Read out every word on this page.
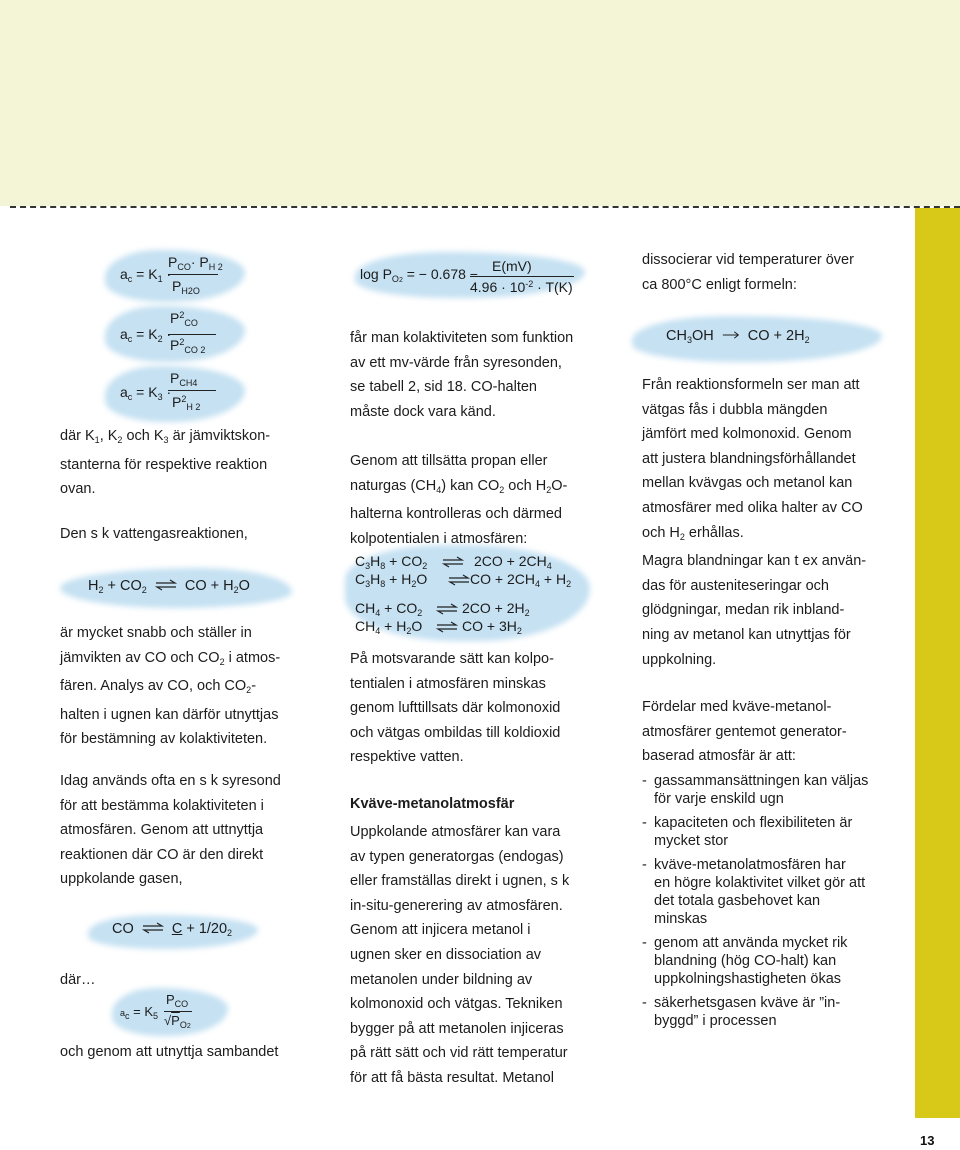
$a_c = K_1$ ·
$P_{CO}\cdot P_{H 2}$
$P_{H2O}$
$a_c = K_2$ ·
$P^2_{CO}$
$P^2_{CO 2}$
$a_c = K_3$ ·
$P_{CH4}$
$P^2_{H 2}$

där $K_1$, $K_2$ och $K_3$ är jämviktskon-

stanterna för respektive reaktion

ovan.

Den s k vattengasreaktionen,
$H_2 + CO_2$ ⇌ CO + $H_2O$

är mycket snabb och ställer in

jämvikten av CO och $CO_2$ i atmos-

fären. Analys av CO, och $CO_2-$

halten i ugnen kan därför utnyttjas

för bestämning av kolaktiviteten.

Idag används ofta en s k syresond

för att bestämma kolaktiviteten i

atmosfären. Genom att uttnyttja

reaktionen där CO är den direkt

uppkolande gasen,

CO ⇌ $C + 1/20_2$
där…
$a_c = K_5$
$P_{CO}$
$√P_{O2}$
och genom att utnyttja sambandet
$\log P_{O2}$ = − 0.678 − E(mV)
$4.96 \cdot 10^{-2} \cdot T(K)$

får man kolaktiviteten som funktion

av ett mv-värde från syresonden,

se tabell 2, sid 18. CO-halten

måste dock vara känd.

Genom att tillsätta propan eller

naturgas $(CH_4)$ kan $CO_2$ och $H_2O-$

halterna kontrolleras och därmed

kolpotentialen i atmosfären:

$C_3H_8 + CO_2$ ⇌ $2CO + 2CH_4$
$C_3H_8 + H_2O$ ⇌ CO + $2CH_4 + H_2$
$CH_4 + CO_2$ ⇌ $2CO + 2H_2$
$CH_4 + H_2O$ ⇌ CO + $3H_2$

På motsvarande sätt kan kolpo-

tentialen i atmosfären minskas

genom lufttillsats där kolmonoxid

och vätgas ombildas till koldioxid

respektive vatten.

Kväve-metanolatmosfär

Uppkolande atmosfärer kan vara

av typen generatorgas (endogas)

eller framställas direkt i ugnen, s k

in-situ-generering av atmosfären.

Genom att injicera metanol i

ugnen sker en dissociation av

metanolen under bildning av

kolmonoxid och vätgas. Tekniken

bygger på att metanolen injiceras

på rätt sätt och vid rätt temperatur

för att få bästa resultat. Metanol

dissocierar vid temperaturer över

ca 800°C enligt formeln:

$CH_3OH$ → CO + $2H_2$

Från reaktionsformeln ser man att

vätgas fås i dubbla mängden

jämfört med kolmonoxid. Genom

att justera blandningsförhållandet

mellan kvävgas och metanol kan

atmosfärer med olika halter av CO

och $H_2$ erhållas.

Magra blandningar kan t ex använ-

das för austeniteseringar och

glödgningar, medan rik inbland-

ning av metanol kan utnyttjas för

uppkolning.

Fördelar med kväve-metanol-

atmosfärer gentemot generator-

baserad atmosfär är att:

- gassammansättningen kan väljas
för varje enskild ugn
- kapaciteten och flexibiliteten är
mycket stor
- kväve-metanolatmosfären har
en högre kolaktivitet vilket gör att
det totala gasbehovet kan
minskas
- genom att använda mycket rik
blandning (hög CO-halt) kan
uppkolningshastigheten ökas
- säkerhetsgasen kväve är ”in-
byggd” i processen
13
